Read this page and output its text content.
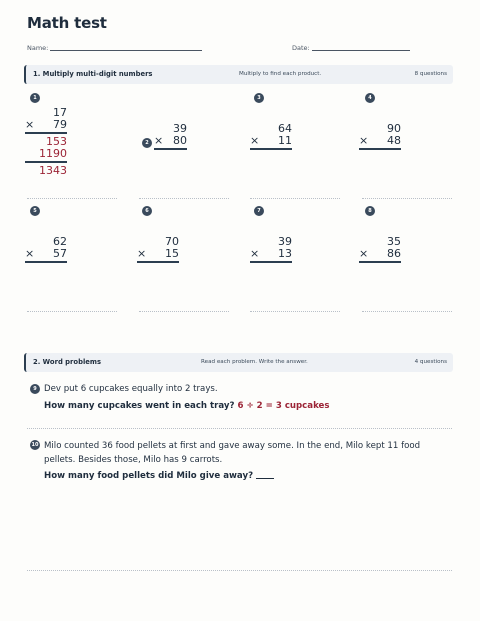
Math test
Name:	Date:
1. Multiply multi-digit numbers	Multiply to find each product.	8 questions
1
2
3	4
17
× 79
153
1190
1343
39
× 80
64
× 11
90
× 48
5	6	7	8
62
× 57
70
× 15
39
× 13
35
× 86
2. Word problems	Read each problem. Write the answer.	4 questions
9 Dev put 6 cupcakes equally into 2 trays.
How many cupcakes went in each tray? 6 ÷ 2 = 3 cupcakes
10 Milo counted 36 food pellets at first and gave away some. In the end, Milo kept 11 food pellets. Besides those, Milo has 9 carrots.
How many food pellets did Milo give away?
